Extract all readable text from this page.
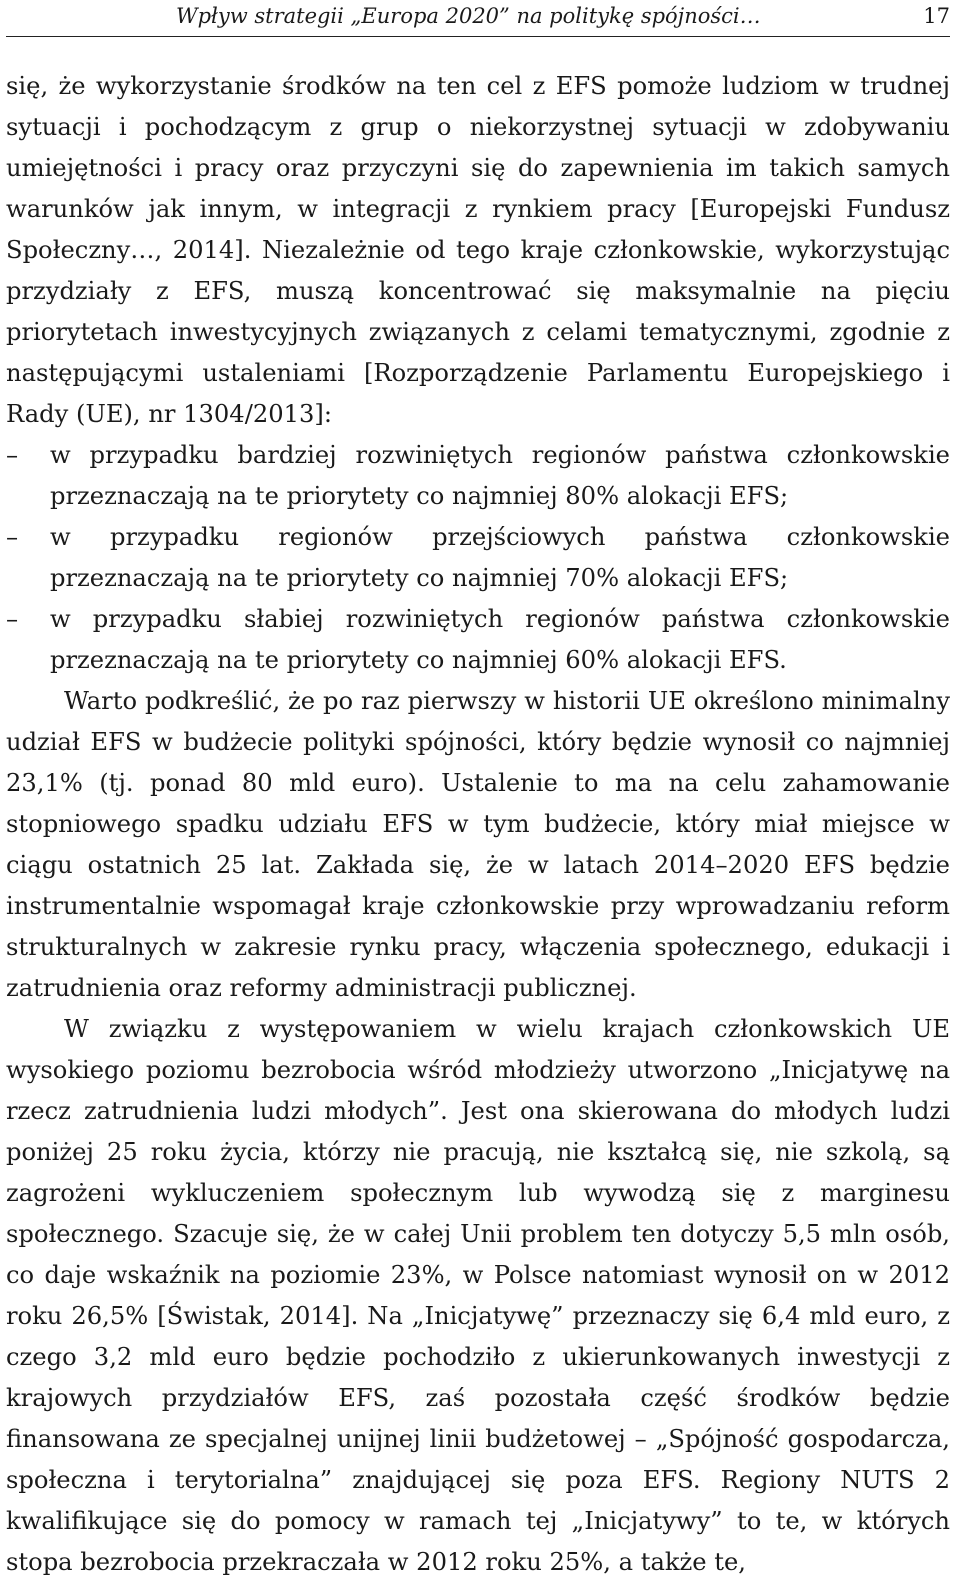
Wpływ strategii „Europa 2020” na politykę spójności…	17

się, że wykorzystanie środków na ten cel z EFS pomoże ludziom w trudnej sytuacji i pochodzącym z grup o niekorzystnej sytuacji w zdobywaniu umiejętności i pracy oraz przyczyni się do zapewnienia im takich samych warunków jak innym, w integracji z rynkiem pracy [Europejski Fundusz Społeczny…, 2014]. Niezależnie od tego kraje członkowskie, wykorzystując przydziały z EFS, muszą koncentrować się maksymalnie na pięciu priorytetach inwestycyjnych związanych z celami tematycznymi, zgodnie z następującymi ustaleniami [Rozporządzenie Parlamentu Europejskiego i Rady (UE), nr 1304/2013]:

–	w przypadku bardziej rozwiniętych regionów państwa członkowskie przeznaczają na te priorytety co najmniej 80% alokacji EFS;
–	w przypadku regionów przejściowych państwa członkowskie przeznaczają na te priorytety co najmniej 70% alokacji EFS;
–	w przypadku słabiej rozwiniętych regionów państwa członkowskie przeznaczają na te priorytety co najmniej 60% alokacji EFS.

Warto podkreślić, że po raz pierwszy w historii UE określono minimalny udział EFS w budżecie polityki spójności, który będzie wynosił co najmniej 23,1% (tj. ponad 80 mld euro). Ustalenie to ma na celu zahamowanie stopniowego spadku udziału EFS w tym budżecie, który miał miejsce w ciągu ostatnich 25 lat. Zakłada się, że w latach 2014–2020 EFS będzie instrumentalnie wspomagał kraje członkowskie przy wprowadzaniu reform strukturalnych w zakresie rynku pracy, włączenia społecznego, edukacji i zatrudnienia oraz reformy administracji publicznej.

W związku z występowaniem w wielu krajach członkowskich UE wysokiego poziomu bezrobocia wśród młodzieży utworzono „Inicjatywę na rzecz zatrudnienia ludzi młodych”. Jest ona skierowana do młodych ludzi poniżej 25 roku życia, którzy nie pracują, nie kształcą się, nie szkolą, są zagrożeni wykluczeniem społecznym lub wywodzą się z marginesu społecznego. Szacuje się, że w całej Unii problem ten dotyczy 5,5 mln osób, co daje wskaźnik na poziomie 23%, w Polsce natomiast wynosił on w 2012 roku 26,5% [Świstak, 2014]. Na „Inicjatywę” przeznaczy się 6,4 mld euro, z czego 3,2 mld euro będzie pochodziło z ukierunkowanych inwestycji z krajowych przydziałów EFS, zaś pozostała część środków będzie finansowana ze specjalnej unijnej linii budżetowej – „Spójność gospodarcza, społeczna i terytorialna” znajdującej się poza EFS. Regiony NUTS 2 kwalifikujące się do pomocy w ramach tej „Inicjatywy” to te, w których stopa bezrobocia przekraczała w 2012 roku 25%, a także te,
